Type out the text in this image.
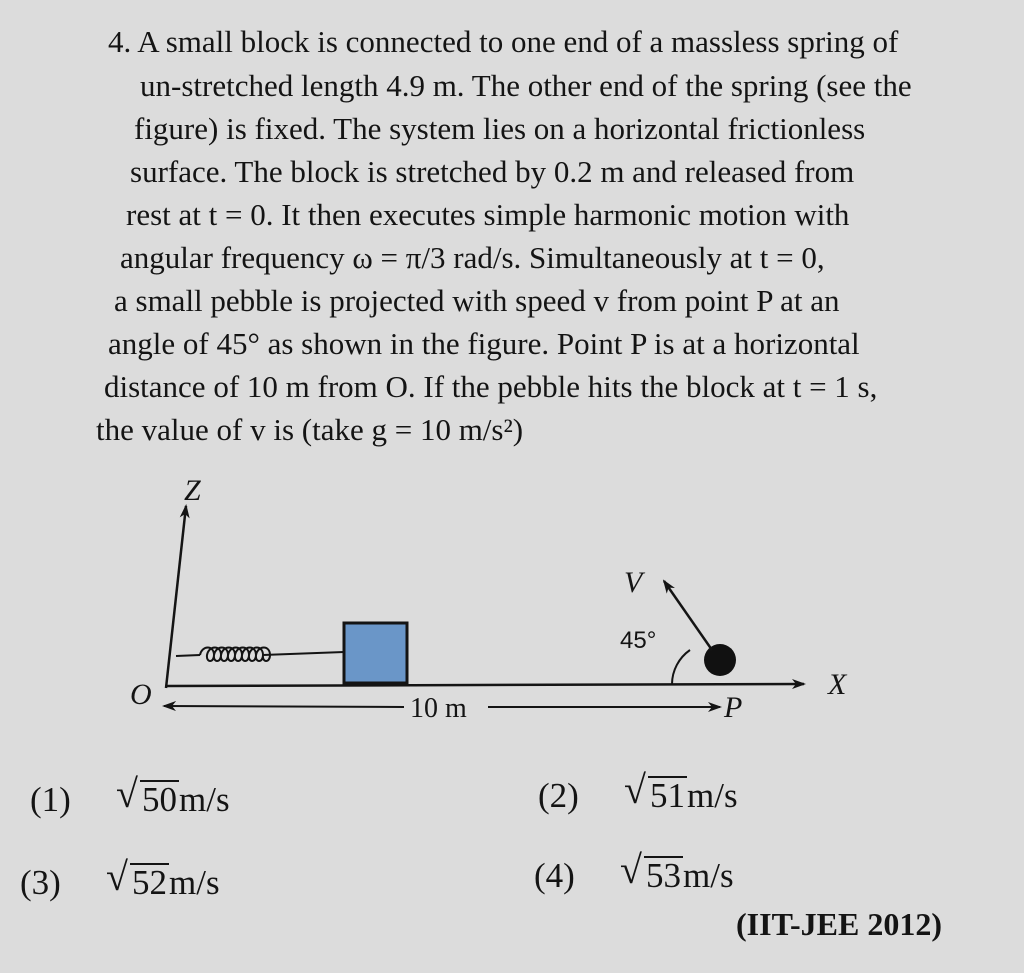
4. A small block is connected to one end of a massless spring of
un-stretched length 4.9 m. The other end of the spring (see the
figure) is fixed. The system lies on a horizontal frictionless
surface. The block is stretched by 0.2 m and released from
rest at t = 0. It then executes simple harmonic motion with
angular frequency ω = π/3 rad/s. Simultaneously at t = 0,
a small pebble is projected with speed v from point P at an
angle of 45° as shown in the figure. Point P is at a horizontal
distance of 10 m from O. If the pebble hits the block at t = 1 s,
the value of v is (take g = 10 m/s²)
Z
X
O	10 m	P
V
45°
(1) √ 50m/s	(2) √ 51m/s
(3) √ 52m/s	(4) √ 53m/s
(IIT-JEE 2012)
